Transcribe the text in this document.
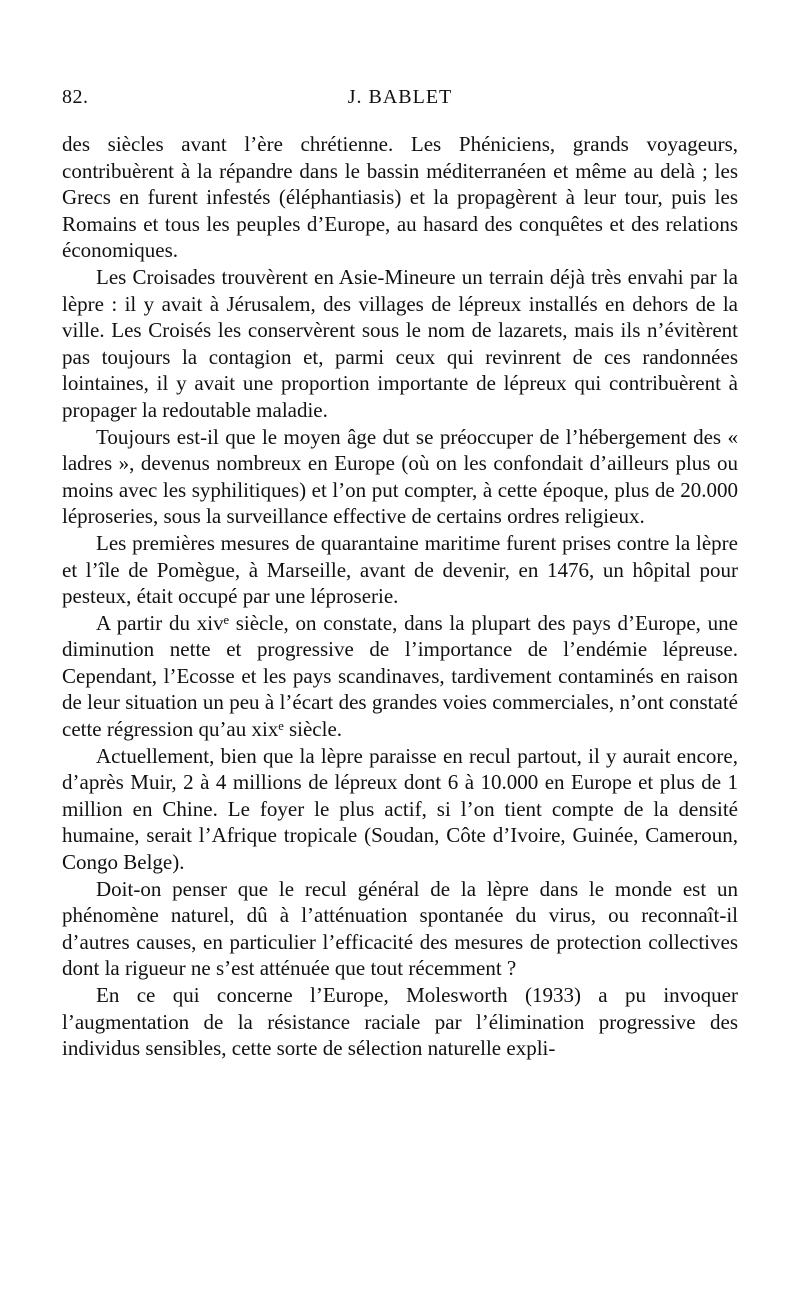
82.	J. BABLET

des siècles avant l’ère chrétienne. Les Phéniciens, grands voyageurs, contribuèrent à la répandre dans le bassin méditerranéen et même au delà ; les Grecs en furent infestés (éléphantiasis) et la propagèrent à leur tour, puis les Romains et tous les peuples d’Europe, au hasard des conquêtes et des relations économiques.

Les Croisades trouvèrent en Asie-Mineure un terrain déjà très envahi par la lèpre : il y avait à Jérusalem, des villages de lépreux installés en dehors de la ville. Les Croisés les conservèrent sous le nom de lazarets, mais ils n’évitèrent pas toujours la contagion et, parmi ceux qui revinrent de ces randonnées lointaines, il y avait une proportion importante de lépreux qui contribuèrent à propager la redoutable maladie.

Toujours est-il que le moyen âge dut se préoccuper de l’hébergement des « ladres », devenus nombreux en Europe (où on les confondait d’ailleurs plus ou moins avec les syphilitiques) et l’on put compter, à cette époque, plus de 20.000 léproseries, sous la surveillance effective de certains ordres religieux.

Les premières mesures de quarantaine maritime furent prises contre la lèpre et l’île de Pomègue, à Marseille, avant de devenir, en 1476, un hôpital pour pesteux, était occupé par une léproserie.

A partir du xivᵉ siècle, on constate, dans la plupart des pays d’Europe, une diminution nette et progressive de l’importance de l’endémie lépreuse. Cependant, l’Ecosse et les pays scandinaves, tardivement contaminés en raison de leur situation un peu à l’écart des grandes voies commerciales, n’ont constaté cette régression qu’au xixᵉ siècle.

Actuellement, bien que la lèpre paraisse en recul partout, il y aurait encore, d’après Muir, 2 à 4 millions de lépreux dont 6 à 10.000 en Europe et plus de 1 million en Chine. Le foyer le plus actif, si l’on tient compte de la densité humaine, serait l’Afrique tropicale (Soudan, Côte d’Ivoire, Guinée, Cameroun, Congo Belge).

Doit-on penser que le recul général de la lèpre dans le monde est un phénomène naturel, dû à l’atténuation spontanée du virus, ou reconnaît-il d’autres causes, en particulier l’efficacité des mesures de protection collectives dont la rigueur ne s’est atténuée que tout récemment ?

En ce qui concerne l’Europe, Molesworth (1933) a pu invoquer l’augmentation de la résistance raciale par l’élimination progressive des individus sensibles, cette sorte de sélection naturelle expli-
